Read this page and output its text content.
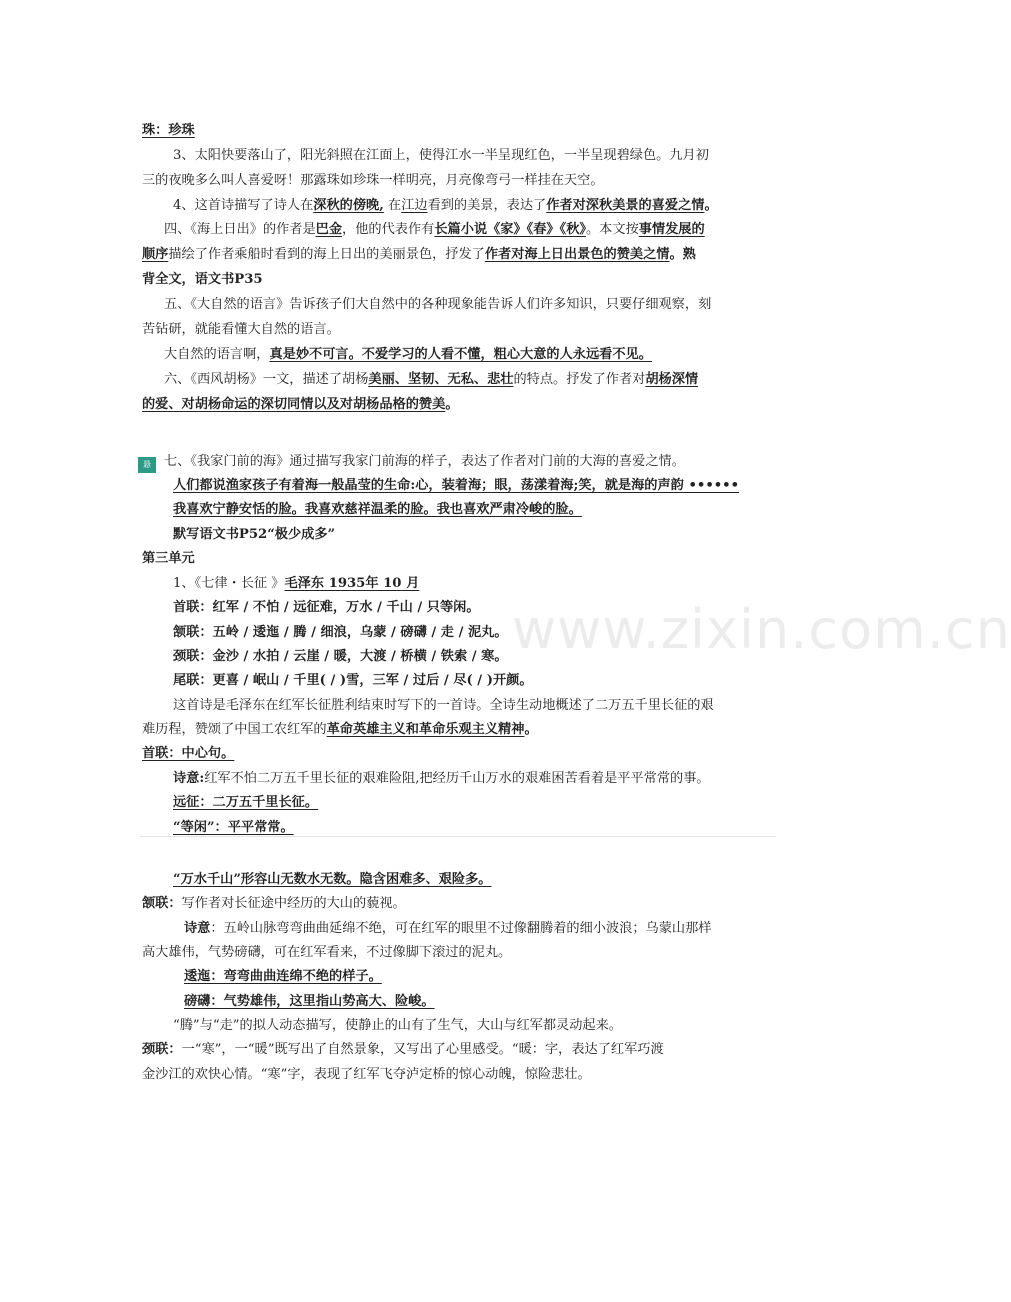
www.zixin.com.cn
悬
珠：珍珠
3、太阳快要落山了，阳光斜照在江面上，使得江水一半呈现红色，一半呈现碧绿色。九月初
三的夜晚多么叫人喜爱呀！那露珠如珍珠一样明亮，月亮像弯弓一样挂在天空。
4、这首诗描写了诗人在深秋的傍晚, 在江边看到的美景，表达了作者对深秋美景的喜爱之情。
四、《海上日出》的作者是巴金，他的代表作有长篇小说《家》《春》《秋》。本文按事情发展的
顺序描绘了作者乘船时看到的海上日出的美丽景色，抒发了作者对海上日出景色的赞美之情。熟
背全文，语文书P35
五、《大自然的语言》告诉孩子们大自然中的各种现象能告诉人们许多知识，只要仔细观察，刻
苦钻研，就能看懂大自然的语言。
大自然的语言啊，真是妙不可言。不爱学习的人看不懂，粗心大意的人永远看不见。
六、《西风胡杨》一文，描述了胡杨美丽、坚韧、无私、悲壮的特点。抒发了作者对胡杨深情
的爱、对胡杨命运的深切同情以及对胡杨品格的赞美。
七、《我家门前的海》通过描写我家门前海的样子，表达了作者对门前的大海的喜爱之情。
人们都说渔家孩子有着海一般晶莹的生命:心，装着海；眼，荡漾着海;笑，就是海的声韵 ••••••
我喜欢宁静安恬的脸。我喜欢慈祥温柔的脸。我也喜欢严肃冷峻的脸。
默写语文书P52“极少成多”
第三单元
1、《七律・长征 》毛泽东 1935年 10 月
首联：红军 / 不怕 / 远征难，万水 / 千山 / 只等闲。
颔联：五岭 / 逶迤 / 腾 / 细浪，乌蒙 / 磅礴 / 走 / 泥丸。
颈联：金沙 / 水拍 / 云崖 / 暖，大渡 / 桥横 / 铁索 / 寒。
尾联：更喜 / 岷山 / 千里( / )雪，三军 / 过后 / 尽( / )开颜。
这首诗是毛泽东在红军长征胜利结束时写下的一首诗。全诗生动地概述了二万五千里长征的艰
难历程，赞颂了中国工农红军的革命英雄主义和革命乐观主义精神。
首联：中心句。
诗意:红军不怕二万五千里长征的艰难险阻,把经历千山万水的艰难困苦看着是平平常常的事。
远征：二万五千里长征。
“等闲”：平平常常。
“万水千山”形容山无数水无数。隐含困难多、艰险多。
颔联：写作者对长征途中经历的大山的藐视。
诗意：五岭山脉弯弯曲曲延绵不绝，可在红军的眼里不过像翻腾着的细小波浪；乌蒙山那样
高大雄伟，气势磅礴，可在红军看来，不过像脚下滚过的泥丸。
逶迤：弯弯曲曲连绵不绝的样子。
磅礴：气势雄伟，这里指山势高大、险峻。
“腾”与“走”的拟人动态描写，使静止的山有了生气，大山与红军都灵动起来。
颈联：一“寒”，一“暖”既写出了自然景象，又写出了心里感受。“暖：字，表达了红军巧渡
金沙江的欢快心情。“寒”字，表现了红军飞夺泸定桥的惊心动魄，惊险悲壮。
